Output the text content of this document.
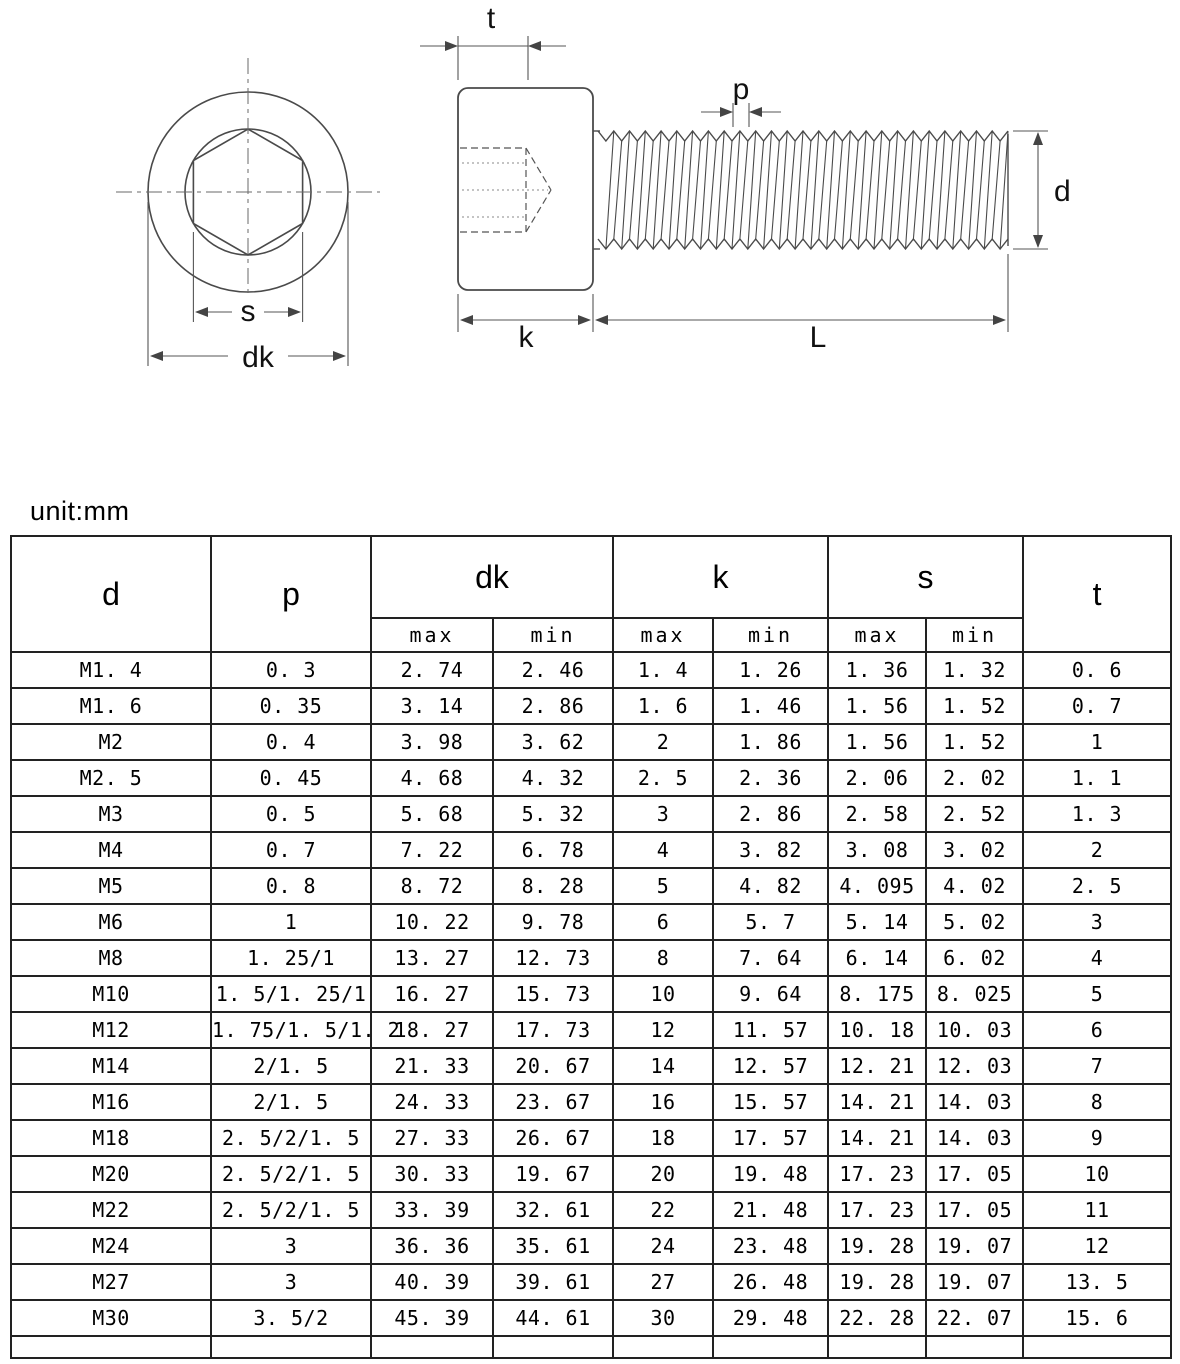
t
p
d
s
dk
k	L
unit:mm
d	p	dk		k		s		t
		max	min	max	min	max	min	
M1. 4	0. 3	2. 74	2. 46	1. 4	1. 26	1. 36	1. 32	0. 6
M1. 6	0. 35	3. 14	2. 86	1. 6	1. 46	1. 56	1. 52	0. 7
M2	0. 4	3. 98	3. 62	2	1. 86	1. 56	1. 52	1
M2. 5	0. 45	4. 68	4. 32	2. 5	2. 36	2. 06	2. 02	1. 1
M3	0. 5	5. 68	5. 32	3	2. 86	2. 58	2. 52	1. 3
M4	0. 7	7. 22	6. 78	4	3. 82	3. 08	3. 02	2
M5	0. 8	8. 72	8. 28	5	4. 82	4. 095	4. 02	2. 5
M6	1	10. 22	9. 78	6	5. 7	5. 14	5. 02	3
M8	1. 25/1	13. 27	12. 73	8	7. 64	6. 14	6. 02	4
M10	1. 5/1. 25/1	16. 27	15. 73	10	9. 64	8. 175	8. 025	5
M12	1. 75/1. 5/1. 2	18. 27	17. 73	12	11. 57	10. 18	10. 03	6
M14	2/1. 5	21. 33	20. 67	14	12. 57	12. 21	12. 03	7
M16	2/1. 5	24. 33	23. 67	16	15. 57	14. 21	14. 03	8
M18	2. 5/2/1. 5	27. 33	26. 67	18	17. 57	14. 21	14. 03	9
M20	2. 5/2/1. 5	30. 33	19. 67	20	19. 48	17. 23	17. 05	10
M22	2. 5/2/1. 5	33. 39	32. 61	22	21. 48	17. 23	17. 05	11
M24	3	36. 36	35. 61	24	23. 48	19. 28	19. 07	12
M27	3	40. 39	39. 61	27	26. 48	19. 28	19. 07	13. 5
M30	3. 5/2	45. 39	44. 61	30	29. 48	22. 28	22. 07	15. 6
